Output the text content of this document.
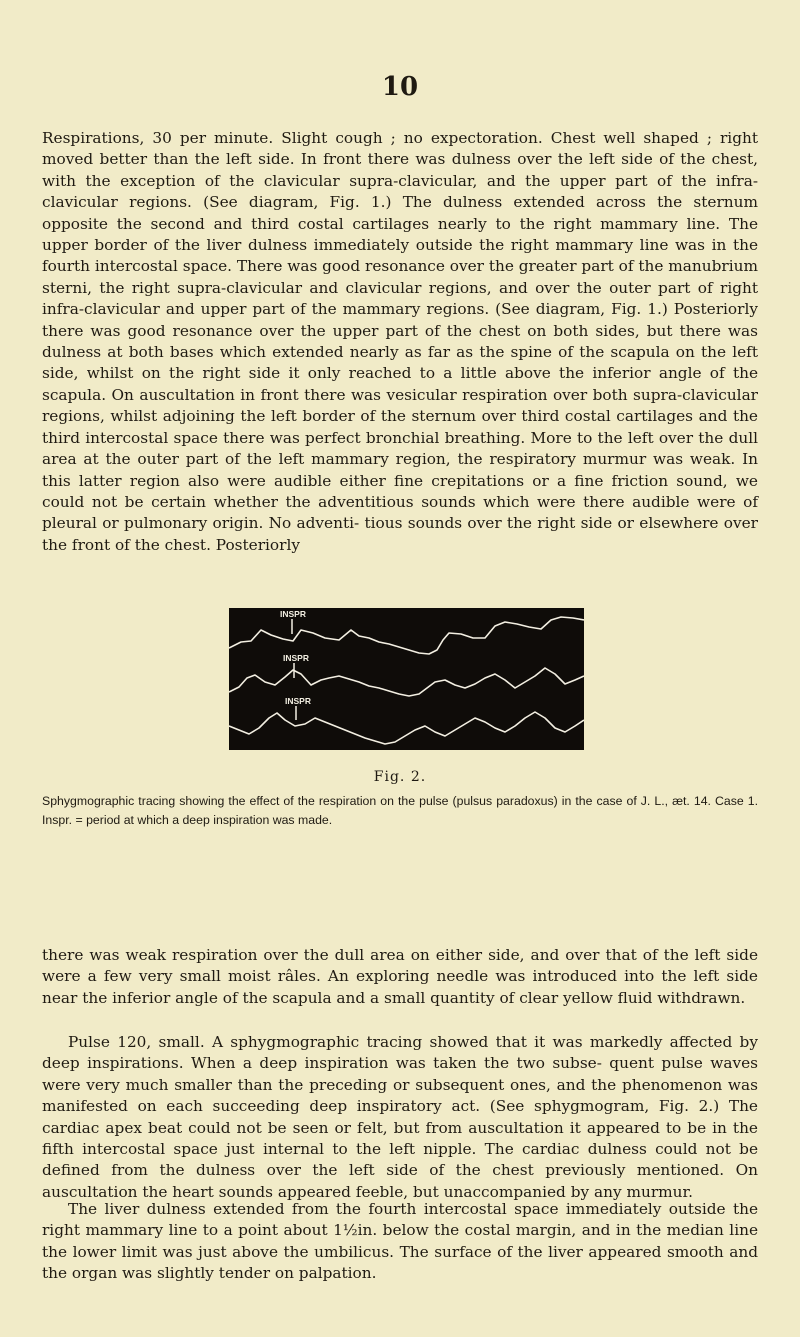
10

Respirations, 30 per minute. Slight cough ; no expectoration. Chest well shaped ; right moved better than the left side. In front there was dulness over the left side of the chest, with the exception of the clavicular supra-clavicular, and the upper part of the infra-clavicular regions. (See diagram, Fig. 1.) The dulness extended across the sternum opposite the second and third costal cartilages nearly to the right mammary line. The upper border of the liver dulness immediately outside the right mammary line was in the fourth intercostal space. There was good resonance over the greater part of the manubrium sterni, the right supra-clavicular and clavicular regions, and over the outer part of right infra-clavicular and upper part of the mammary regions. (See diagram, Fig. 1.) Posteriorly there was good resonance over the upper part of the chest on both sides, but there was dulness at both bases which extended nearly as far as the spine of the scapula on the left side, whilst on the right side it only reached to a little above the inferior angle of the scapula. On auscultation in front there was vesicular respiration over both supra-clavicular regions, whilst adjoining the left border of the sternum over third costal cartilages and the third intercostal space there was perfect bronchial breathing. More to the left over the dull area at the outer part of the left mammary region, the respiratory murmur was weak. In this latter region also were audible either fine crepitations or a fine friction sound, we could not be certain whether the adventitious sounds which were there audible were of pleural or pulmonary origin. No adventi- tious sounds over the right side or elsewhere over the front of the chest. Posteriorly

INSPR
INSPR
INSPR
Fig. 2.
Sphygmographic tracing showing the effect of the respiration on the pulse (pulsus paradoxus) in the case of J. L., æt. 14. Case 1. Inspr. = period at which a deep inspiration was made.

there was weak respiration over the dull area on either side, and over that of the left side were a few very small moist râles. An exploring needle was introduced into the left side near the inferior angle of the scapula and a small quantity of clear yellow fluid withdrawn.

Pulse 120, small. A sphygmographic tracing showed that it was markedly affected by deep inspirations. When a deep inspiration was taken the two subse- quent pulse waves were very much smaller than the preceding or subsequent ones, and the phenomenon was manifested on each succeeding deep inspiratory act. (See sphygmogram, Fig. 2.) The cardiac apex beat could not be seen or felt, but from auscultation it appeared to be in the fifth intercostal space just internal to the left nipple. The cardiac dulness could not be defined from the dulness over the left side of the chest previously mentioned. On auscultation the heart sounds appeared feeble, but unaccompanied by any murmur.

The liver dulness extended from the fourth intercostal space immediately outside the right mammary line to a point about 1½in. below the costal margin, and in the median line the lower limit was just above the umbilicus. The surface of the liver appeared smooth and the organ was slightly tender on palpation.
